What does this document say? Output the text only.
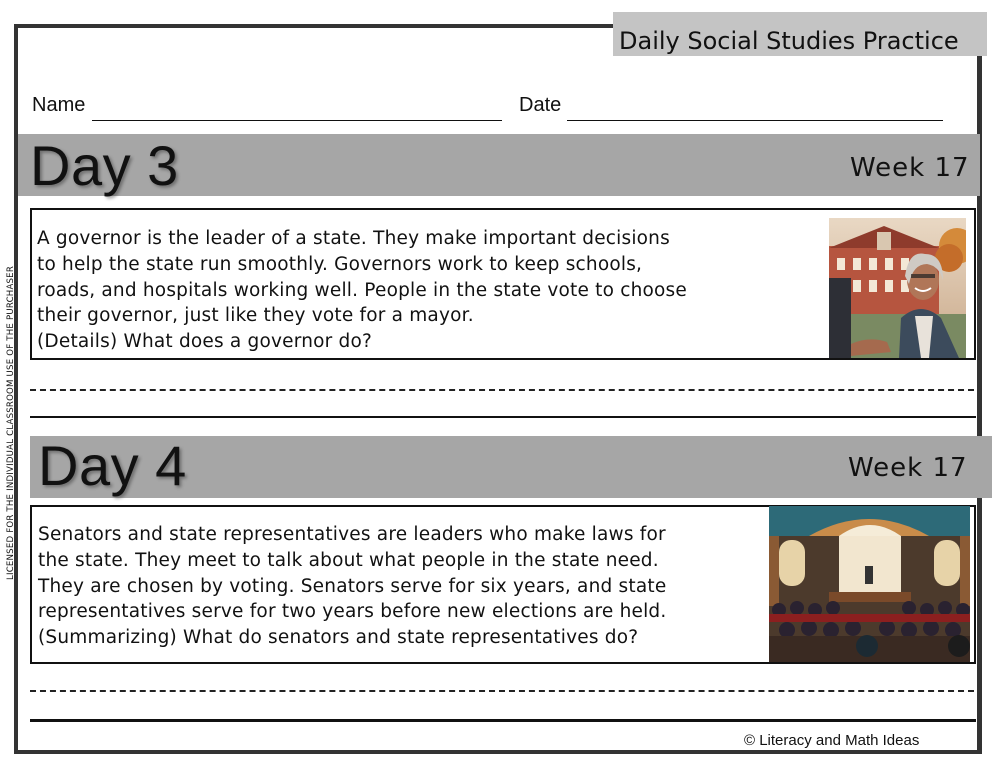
Daily Social Studies Practice
Name	Date
LICENSED FOR THE INDIVIDUAL CLASSROOM USE OF THE PURCHASER
Day 3	Week 17
A governor is the leader of a state. They make important decisions
to help the state run smoothly. Governors work to keep schools,
roads, and hospitals working well. People in the state vote to choose
their governor, just like they vote for a mayor.
(Details) What does a governor do?
Day 4	Week 17
Senators and state representatives are leaders who make laws for
the state. They meet to talk about what people in the state need.
They are chosen by voting. Senators serve for six years, and state
representatives serve for two years before new elections are held.
(Summarizing) What do senators and state representatives do?
© Literacy and Math Ideas
